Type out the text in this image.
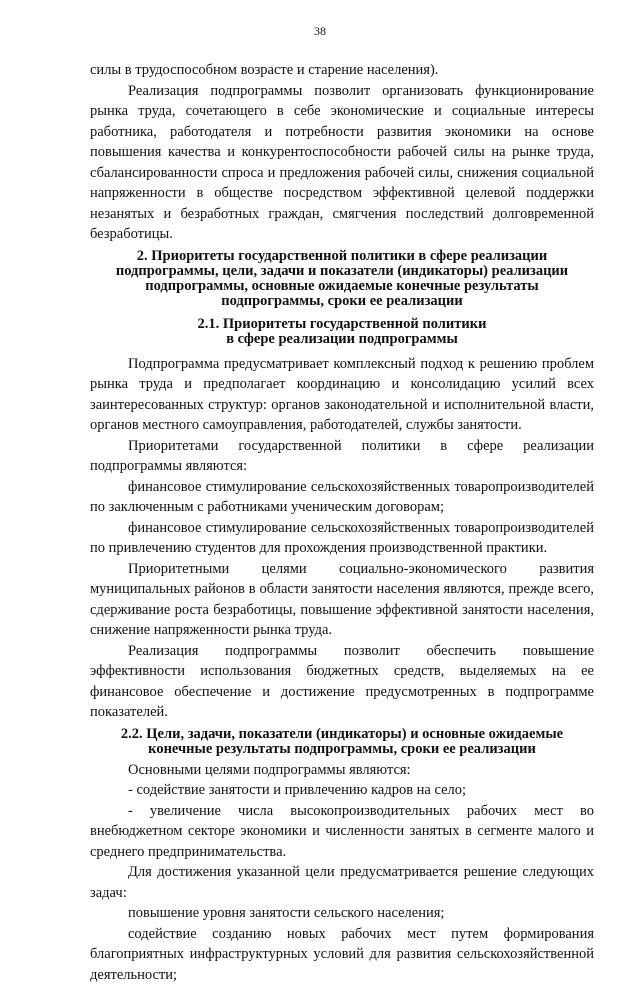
38

силы в трудоспособном возрасте и старение населения).

Реализация подпрограммы позволит организовать функционирование рынка труда, сочетающего в себе экономические и социальные интересы работника, работодателя и потребности развития экономики на основе повышения качества и конкурентоспособности рабочей силы на рынке труда, сбалансированности спроса и предложения рабочей силы, снижения социальной напряженности в обществе посредством эффективной целевой поддержки незанятых и безработных граждан, смягчения последствий долговременной безработицы.

2. Приоритеты государственной политики в сфере реализации
подпрограммы, цели, задачи и показатели (индикаторы) реализации
подпрограммы, основные ожидаемые конечные результаты
подпрограммы, сроки ее реализации
2.1. Приоритеты государственной политики
в сфере реализации подпрограммы

Подпрограмма предусматривает комплексный подход к решению проблем рынка труда и предполагает координацию и консолидацию усилий всех заинтересованных структур: органов законодательной и исполнительной власти, органов местного самоуправления, работодателей, службы занятости.

Приоритетами государственной политики в сфере реализации подпрограммы являются:

финансовое стимулирование сельскохозяйственных товаропроизводителей по заключенным с работниками ученическим договорам;

финансовое стимулирование сельскохозяйственных товаропроизводителей по привлечению студентов для прохождения производственной практики.

Приоритетными целями социально-экономического развития муниципальных районов в области занятости населения являются, прежде всего, сдерживание роста безработицы, повышение эффективной занятости населения, снижение напряженности рынка труда.

Реализация подпрограммы позволит обеспечить повышение эффективности использования бюджетных средств, выделяемых на ее финансовое обеспечение и достижение предусмотренных в подпрограмме показателей.

2.2. Цели, задачи, показатели (индикаторы) и основные ожидаемые
конечные результаты подпрограммы, сроки ее реализации

Основными целями подпрограммы являются:

- содействие занятости и привлечению кадров на село;

- увеличение числа высокопроизводительных рабочих мест во внебюджетном секторе экономики и численности занятых в сегменте малого и среднего предпринимательства.

Для достижения указанной цели предусматривается решение следующих задач:

повышение уровня занятости сельского населения;

содействие созданию новых рабочих мест путем формирования благоприятных инфраструктурных условий для развития сельскохозяйственной деятельности;
